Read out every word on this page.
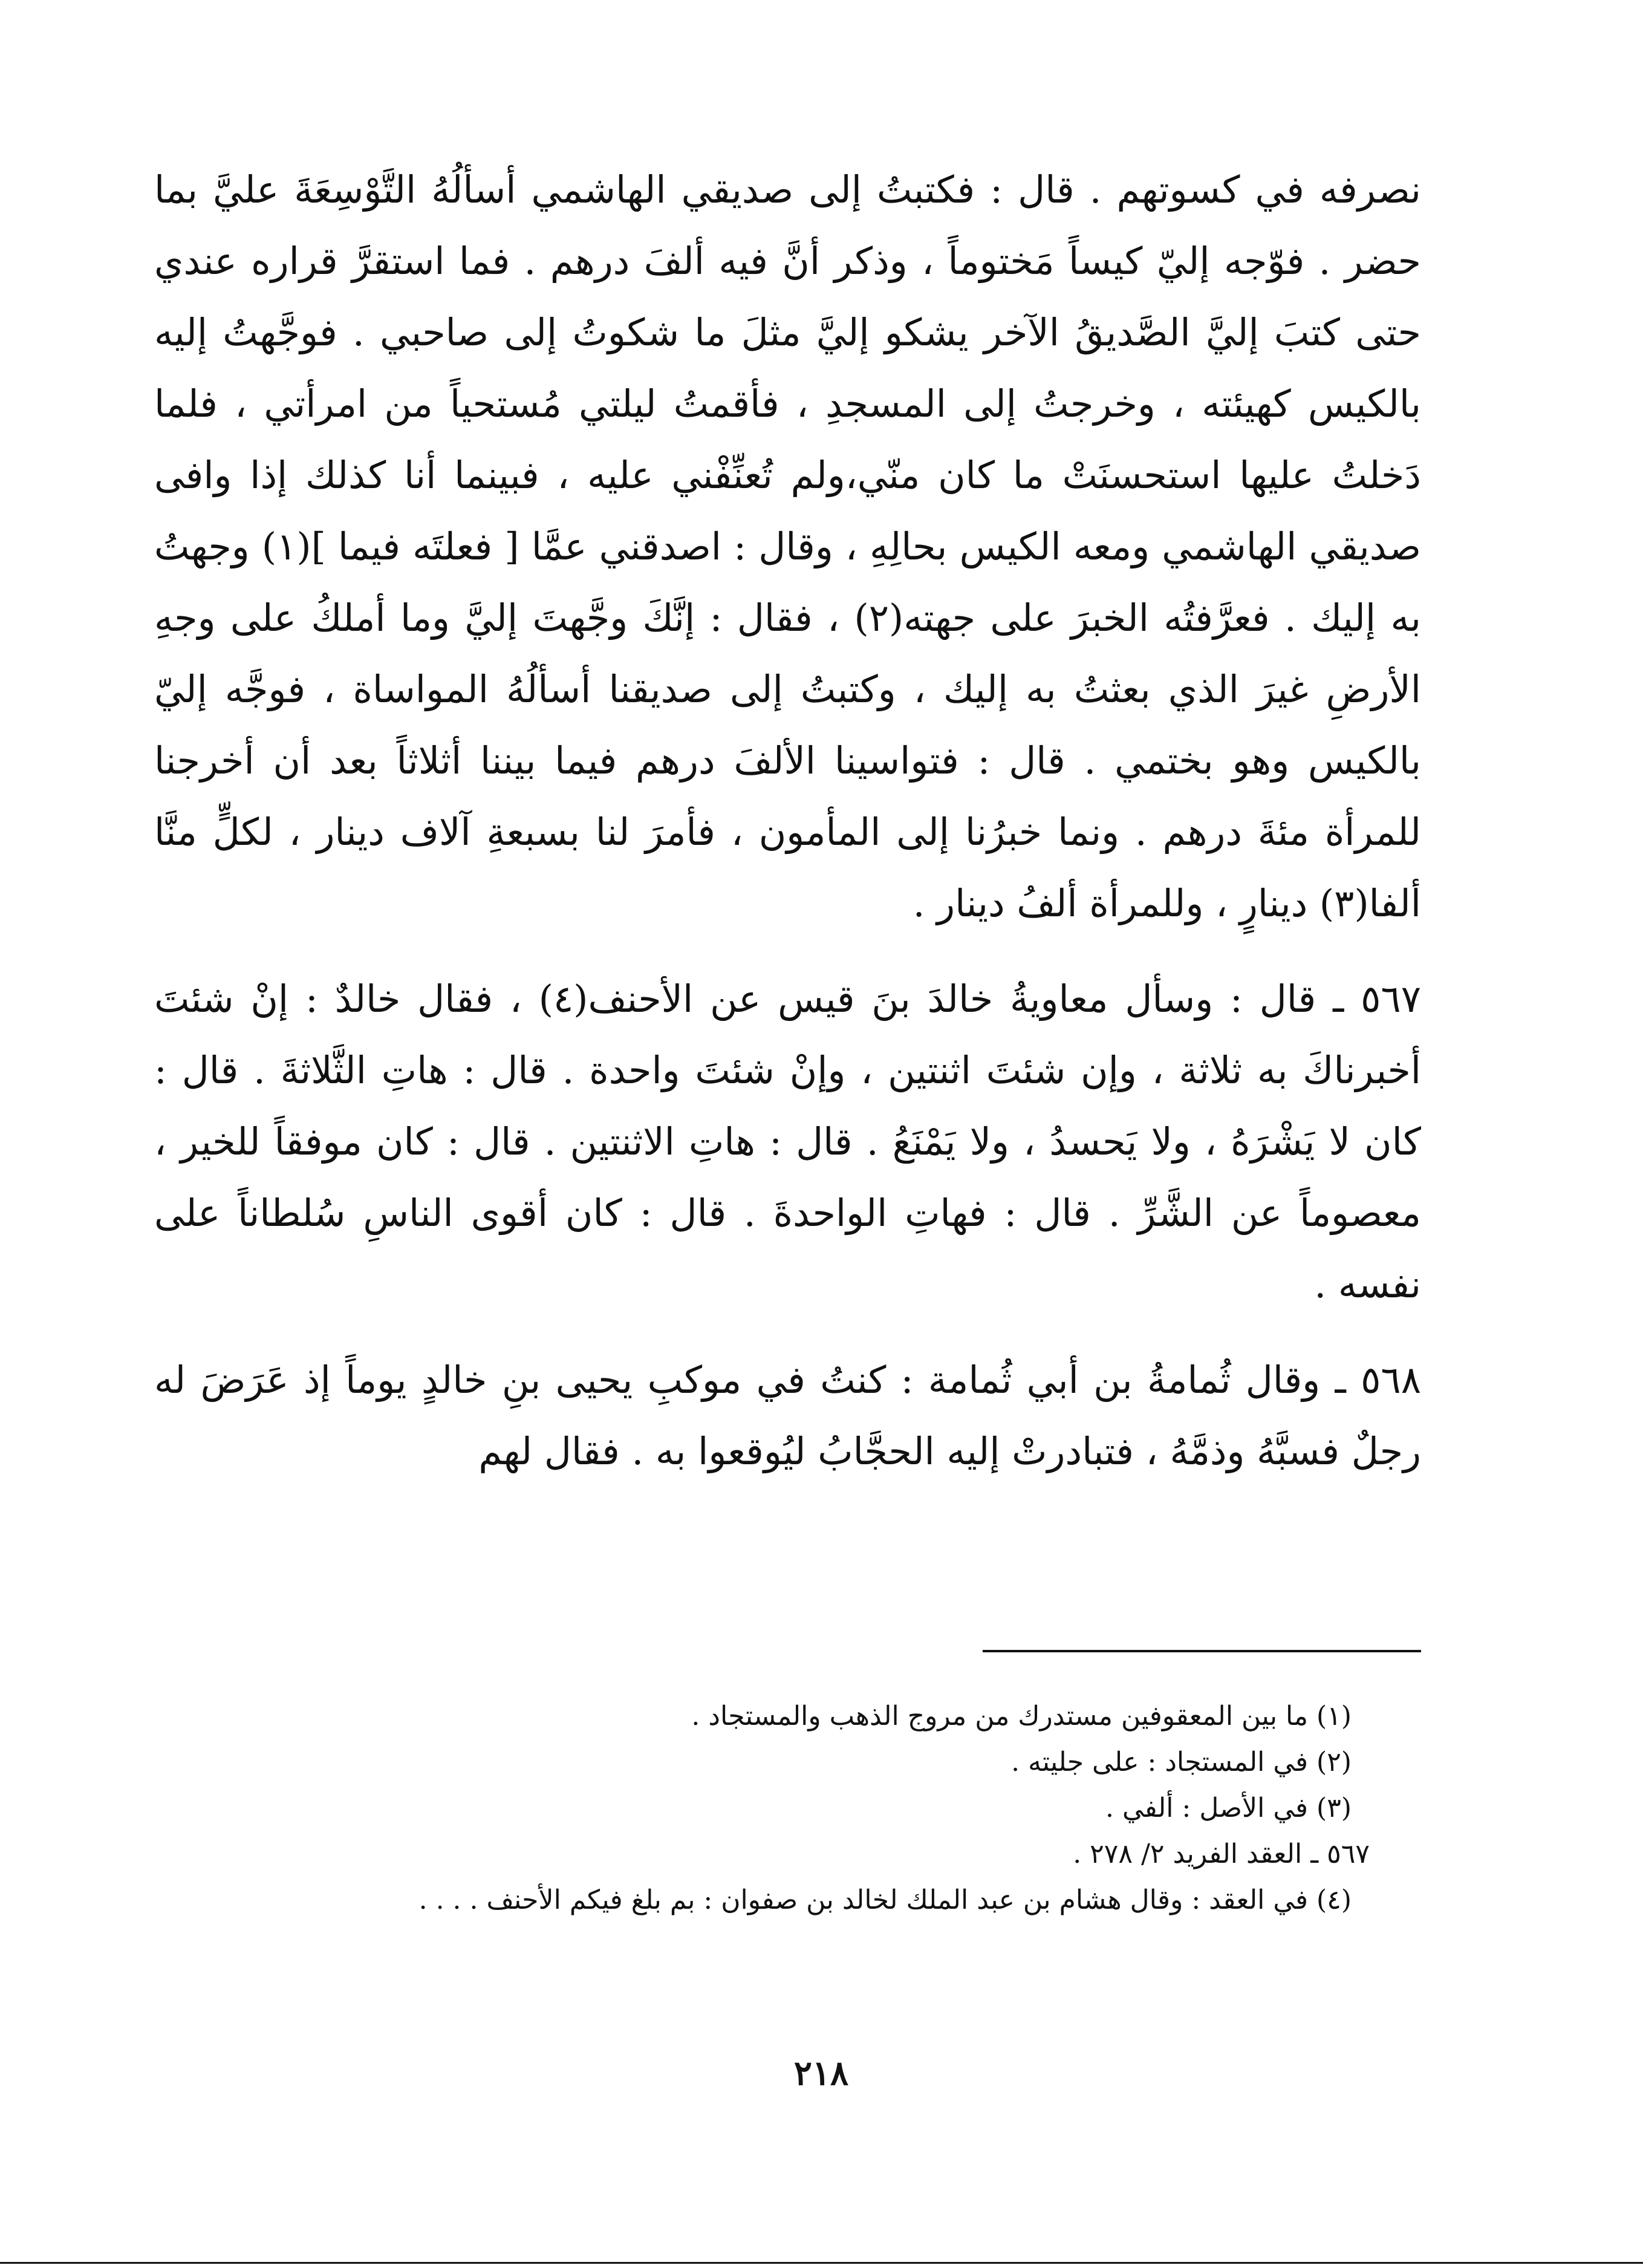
نصرفه في كسوتهم . قال : فكتبتُ إلى صديقي الهاشمي أسألُهُ التَّوْسِعَةَ عليَّ بما حضر . فوّجه إليّ كيساً مَختوماً ، وذكر أنَّ فيه ألفَ درهم . فما استقرَّ قراره عندي حتى كتبَ إليَّ الصَّديقُ الآخر يشكو إليَّ مثلَ ما شكوتُ إلى صاحبي . فوجَّهتُ إليه بالكيس كهيئته ، وخرجتُ إلى المسجدِ ، فأقمتُ ليلتي مُستحياً من امرأتي ، فلما دَخلتُ عليها استحسنَتْ ما كان منّي،ولم تُعنِّفْني عليه ، فبينما أنا كذلك إذا وافى صديقي الهاشمي ومعه الكيس بحالِهِ ، وقال : اصدقني عمَّا [ فعلتَه فيما ](١) وجهتُ به إليك . فعرَّفتُه الخبرَ على جهته(٢) ، فقال : إنَّكَ وجَّهتَ إليَّ وما أملكُ على وجهِ الأرضِ غيرَ الذي بعثتُ به إليك ، وكتبتُ إلى صديقنا أسألُهُ المواساة ، فوجَّه إليّ بالكيس وهو بختمي . قال : فتواسينا الألفَ درهم فيما بيننا أثلاثاً بعد أن أخرجنا للمرأة مئةَ درهم . ونما خبرُنا إلى المأمون ، فأمرَ لنا بسبعةِ آلاف دينار ، لكلٍّ منَّا ألفا(٣) دينارٍ ، وللمرأة ألفُ دينار .

٥٦٧ ـ قال : وسأل معاويةُ خالدَ بنَ قيس عن الأحنف(٤) ، فقال خالدٌ : إنْ شئتَ أخبرناكَ به ثلاثة ، وإن شئتَ اثنتين ، وإنْ شئتَ واحدة . قال : هاتِ الثَّلاثةَ . قال : كان لا يَشْرَهُ ، ولا يَحسدُ ، ولا يَمْنَعُ . قال : هاتِ الاثنتين . قال : كان موفقاً للخير ، معصوماً عن الشَّرِّ . قال : فهاتِ الواحدةَ . قال : كان أقوى الناسِ سُلطاناً على نفسه .

٥٦٨ ـ وقال ثُمامةُ بن أبي ثُمامة : كنتُ في موكبِ يحيى بنِ خالدٍ يوماً إذ عَرَضَ له رجلٌ فسبَّهُ وذمَّهُ ، فتبادرتْ إليه الحجَّابُ ليُوقعوا به . فقال لهم

(١) ما بين المعقوفين مستدرك من مروج الذهب والمستجاد .

(٢) في المستجاد : على جليته .

(٣) في الأصل : ألفي .

٥٦٧ ـ العقد الفريد ٢/ ٢٧٨ .

(٤) في العقد : وقال هشام بن عبد الملك لخالد بن صفوان : بم بلغ فيكم الأحنف . . . .

٢١٨
